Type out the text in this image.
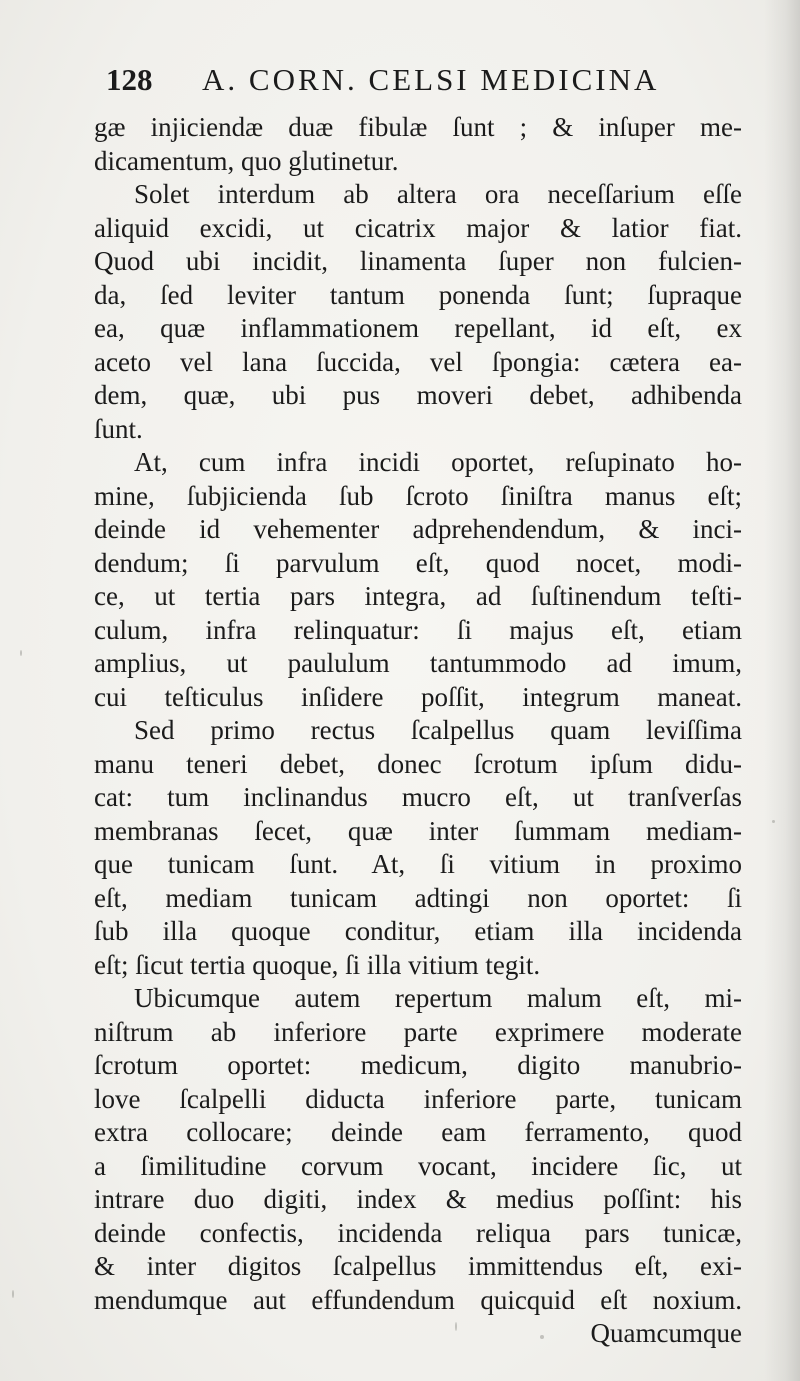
128 A. CORN. CELSI MEDICINA
gæ injiciendæ duæ fibulæ ſunt ; & inſuper me-
dicamentum, quo glutinetur.
Solet interdum ab altera ora neceſſarium eſſe
aliquid excidi, ut cicatrix major & latior fiat.
Quod ubi incidit, linamenta ſuper non fulcien-
da, ſed leviter tantum ponenda ſunt; ſupraque
ea, quæ inflammationem repellant, id eſt, ex
aceto vel lana ſuccida, vel ſpongia: cætera ea-
dem, quæ, ubi pus moveri debet, adhibenda
ſunt.
At, cum infra incidi oportet, reſupinato ho-
mine, ſubjicienda ſub ſcroto ſiniſtra manus eſt;
deinde id vehementer adprehendendum, & inci-
dendum; ſi parvulum eſt, quod nocet, modi-
ce, ut tertia pars integra, ad ſuſtinendum teſti-
culum, infra relinquatur: ſi majus eſt, etiam
amplius, ut paululum tantummodo ad imum,
cui teſticulus inſidere poſſit, integrum maneat.
Sed primo rectus ſcalpellus quam leviſſima
manu teneri debet, donec ſcrotum ipſum didu-
cat: tum inclinandus mucro eſt, ut tranſverſas
membranas ſecet, quæ inter ſummam mediam-
que tunicam ſunt. At, ſi vitium in proximo
eſt, mediam tunicam adtingi non oportet: ſi
ſub illa quoque conditur, etiam illa incidenda
eſt; ſicut tertia quoque, ſi illa vitium tegit.
Ubicumque autem repertum malum eſt, mi-
niſtrum ab inferiore parte exprimere moderate
ſcrotum oportet: medicum, digito manubrio-
love ſcalpelli diducta inferiore parte, tunicam
extra collocare; deinde eam ferramento, quod
a ſimilitudine corvum vocant, incidere ſic, ut
intrare duo digiti, index & medius poſſint: his
deinde confectis, incidenda reliqua pars tunicæ,
& inter digitos ſcalpellus immittendus eſt, exi-
mendumque aut effundendum quicquid eſt noxium.
Quamcumque
